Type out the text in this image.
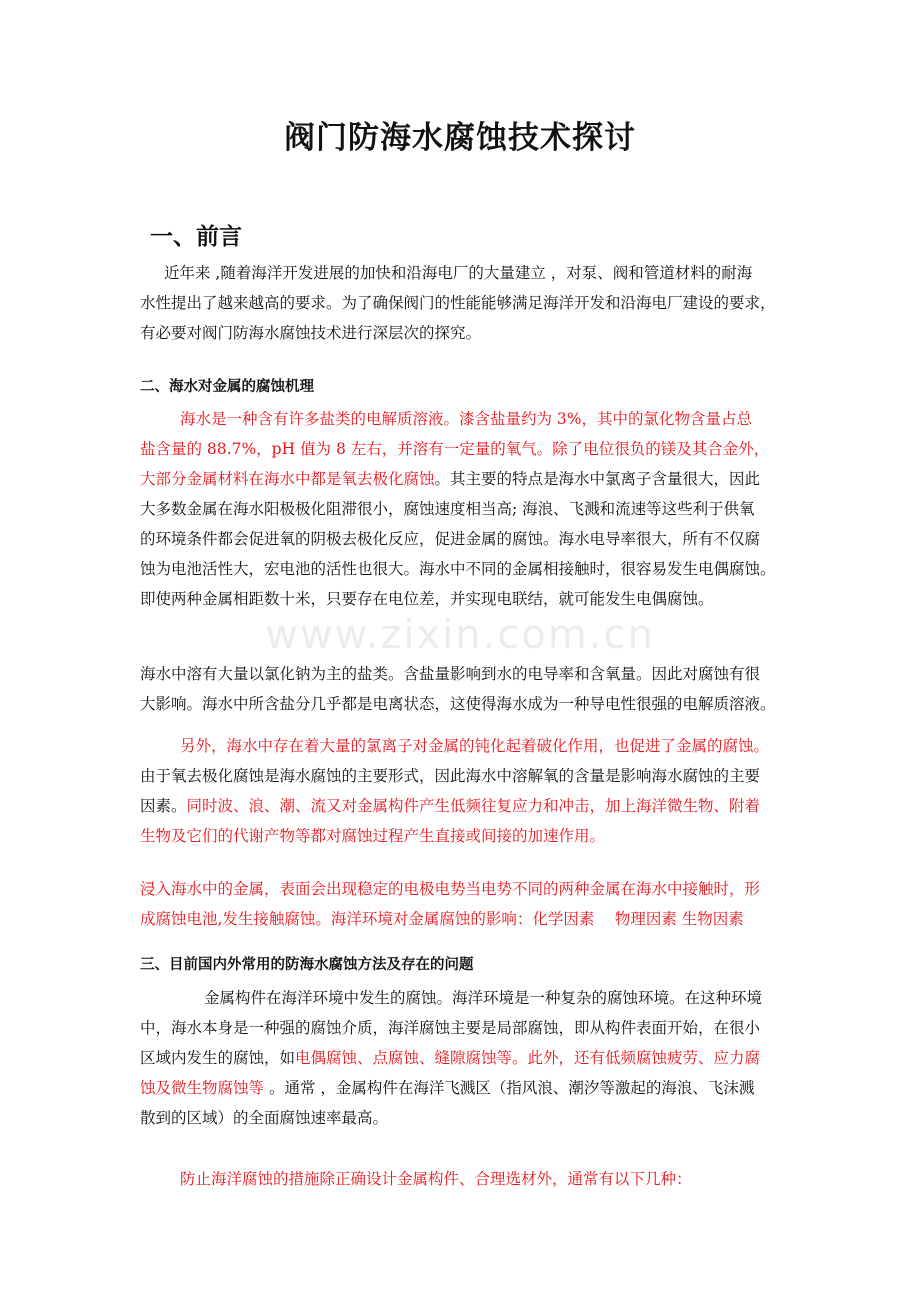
阀门防海水腐蚀技术探讨
一、前言
近年来 ,随着海洋开发进展的加快和沿海电厂的大量建立 ，对泵、阀和管道材料的耐海
水性提出了越来越高的要求。为了确保阀门的性能能够满足海洋开发和沿海电厂建设的要求，
有必要对阀门防海水腐蚀技术进行深层次的探究。
二、海水对金属的腐蚀机理
海水是一种含有许多盐类的电解质溶液。漆含盐量约为 3%，其中的氯化物含量占总
盐含量的 88.7%，pH 值为 8 左右，并溶有一定量的氧气。除了电位很负的镁及其合金外，
大部分金属材料在海水中都是氧去极化腐蚀。其主要的特点是海水中氯离子含量很大，因此
大多数金属在海水阳极极化阻滞很小，腐蚀速度相当高; 海浪、飞溅和流速等这些利于供氧
的环境条件都会促进氧的阴极去极化反应，促进金属的腐蚀。海水电导率很大，所有不仅腐
蚀为电池活性大，宏电池的活性也很大。海水中不同的金属相接触时，很容易发生电偶腐蚀。
即使两种金属相距数十米，只要存在电位差，并实现电联结，就可能发生电偶腐蚀。
海水中溶有大量以氯化钠为主的盐类。含盐量影响到水的电导率和含氧量。因此对腐蚀有很
大影响。海水中所含盐分几乎都是电离状态，这使得海水成为一种导电性很强的电解质溶液。
另外，海水中存在着大量的氯离子对金属的钝化起着破化作用，也促进了金属的腐蚀。
由于氧去极化腐蚀是海水腐蚀的主要形式，因此海水中溶解氧的含量是影响海水腐蚀的主要
因素。同时波、浪、潮、流又对金属构件产生低频往复应力和冲击，加上海洋微生物、附着
生物及它们的代谢产物等都对腐蚀过程产生直接或间接的加速作用。
浸入海水中的金属，表面会出现稳定的电极电势当电势不同的两种金属在海水中接触时，形
成腐蚀电池,发生接触腐蚀。海洋环境对金属腐蚀的影响：化学因素　 物理因素 生物因素
三、目前国内外常用的防海水腐蚀方法及存在的问题
金属构件在海洋环境中发生的腐蚀。海洋环境是一种复杂的腐蚀环境。在这种环境
中，海水本身是一种强的腐蚀介质，海洋腐蚀主要是局部腐蚀，即从构件表面开始，在很小
区域内发生的腐蚀，如电偶腐蚀、点腐蚀、缝隙腐蚀等。此外，还有低频腐蚀疲劳、应力腐
蚀及微生物腐蚀等 。通常 ，金属构件在海洋飞溅区（指风浪、潮汐等激起的海浪、飞沫溅
散到的区域）的全面腐蚀速率最高。
防止海洋腐蚀的措施除正确设计金属构件、合理选材外，通常有以下几种：
www.zixin.com.cn
